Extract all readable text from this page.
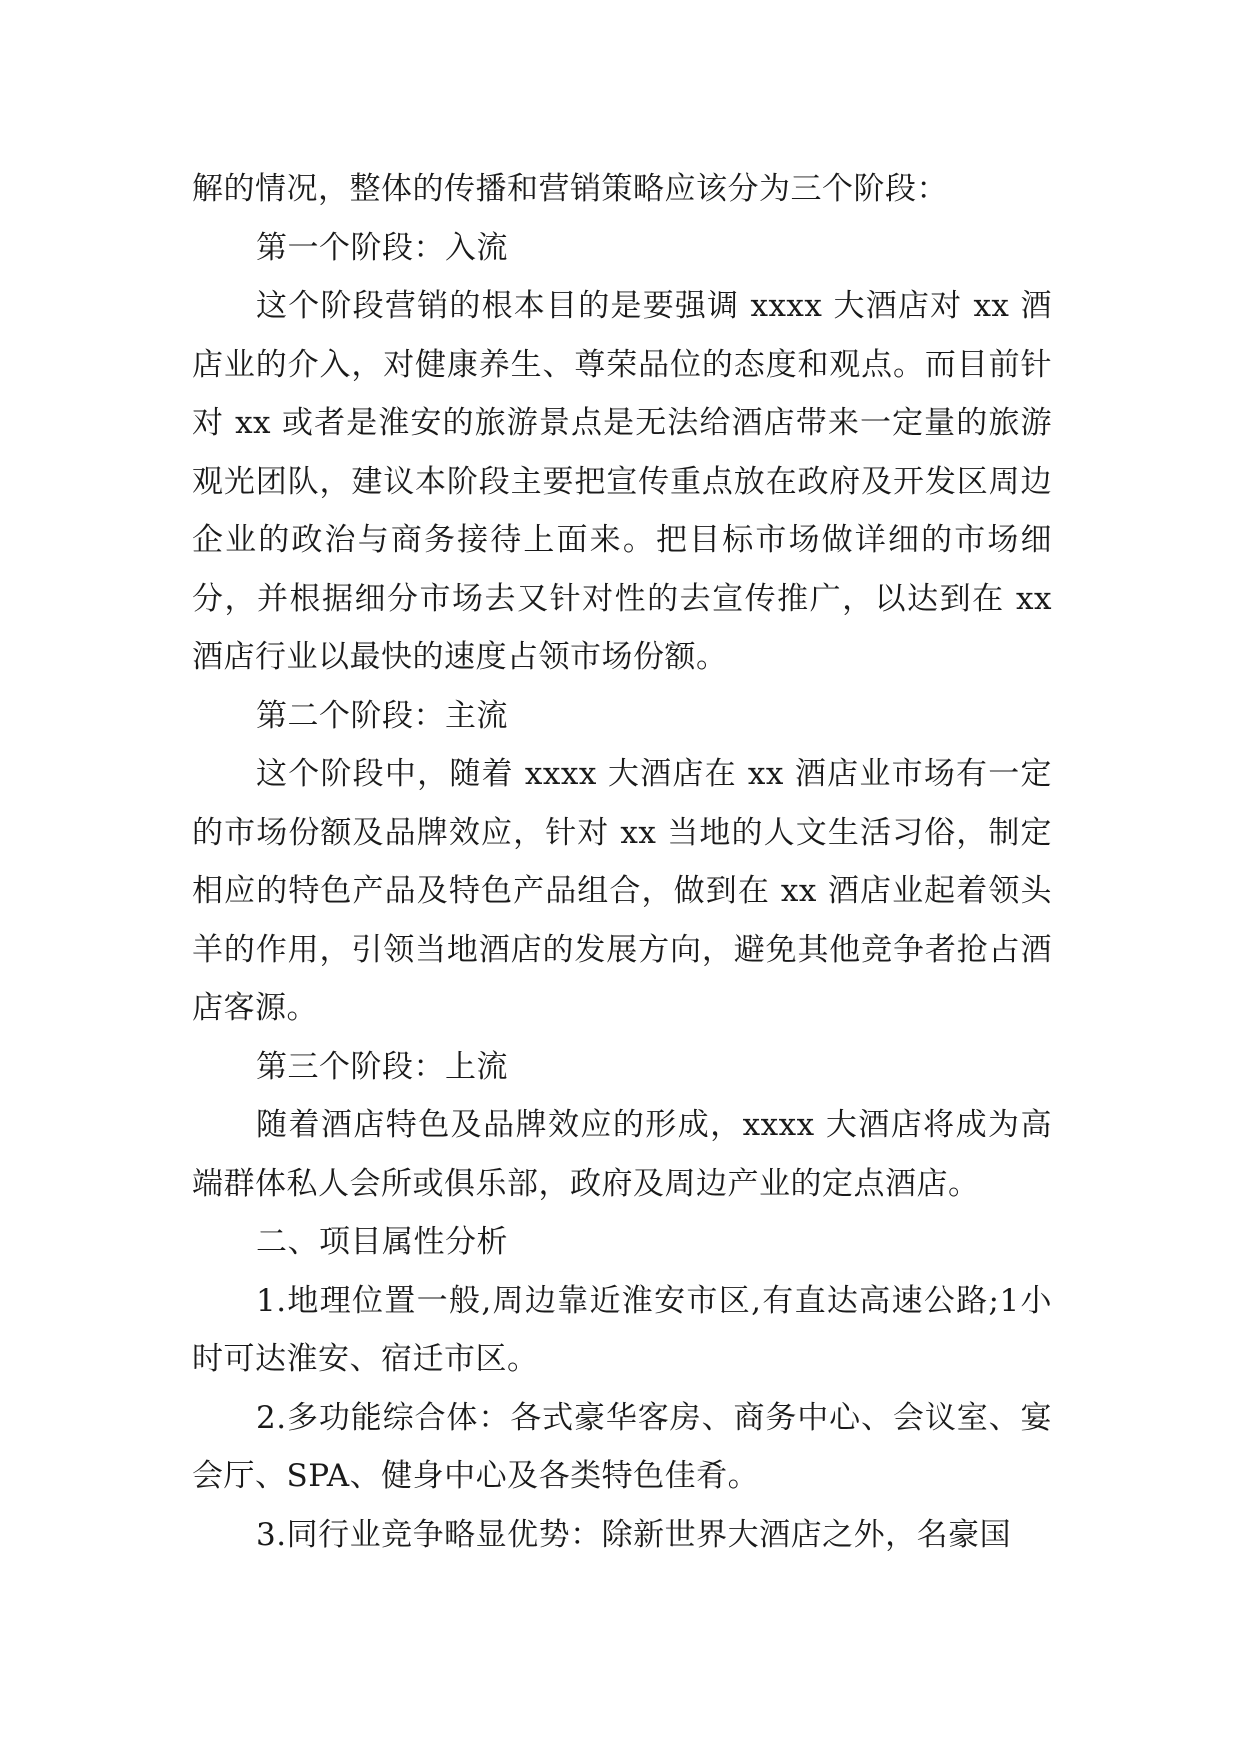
解的情况，整体的传播和营销策略应该分为三个阶段：

第一个阶段：入流

这个阶段营销的根本目的是要强调 xxxx 大酒店对 xx 酒店业的介入，对健康养生、尊荣品位的态度和观点。而目前针对 xx 或者是淮安的旅游景点是无法给酒店带来一定量的旅游观光团队，建议本阶段主要把宣传重点放在政府及开发区周边企业的政治与商务接待上面来。把目标市场做详细的市场细分，并根据细分市场去又针对性的去宣传推广，以达到在 xx 酒店行业以最快的速度占领市场份额。

第二个阶段：主流

这个阶段中，随着 xxxx 大酒店在 xx 酒店业市场有一定的市场份额及品牌效应，针对 xx 当地的人文生活习俗，制定相应的特色产品及特色产品组合，做到在 xx 酒店业起着领头羊的作用，引领当地酒店的发展方向，避免其他竞争者抢占酒店客源。

第三个阶段：上流

随着酒店特色及品牌效应的形成，xxxx 大酒店将成为高端群体私人会所或俱乐部，政府及周边产业的定点酒店。

二、项目属性分析

1.地理位置一般,周边靠近淮安市区,有直达高速公路;1小时可达淮安、宿迁市区。

2.多功能综合体：各式豪华客房、商务中心、会议室、宴会厅、SPA、健身中心及各类特色佳肴。

3.同行业竞争略显优势：除新世界大酒店之外，名豪国
